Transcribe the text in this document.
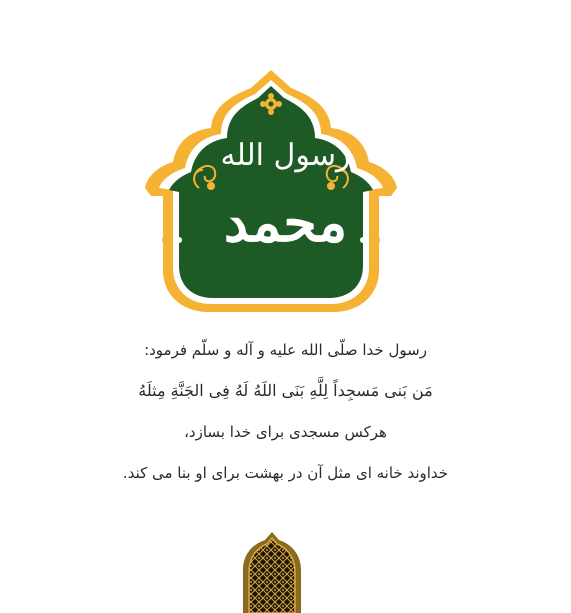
رسول الله
محمد

رسول خدا صلّی الله علیه و آله و سلّم فرمود:

مَن بَنی مَسجِداً لِلَّهِ بَنَی اللَهُ لَهُ فِی الجَنَّةِ مِثلَهُ

هرکس مسجدی برای خدا بسازد،

خداوند خانه ای مثل آن در بهشت برای او بنا می کند.
